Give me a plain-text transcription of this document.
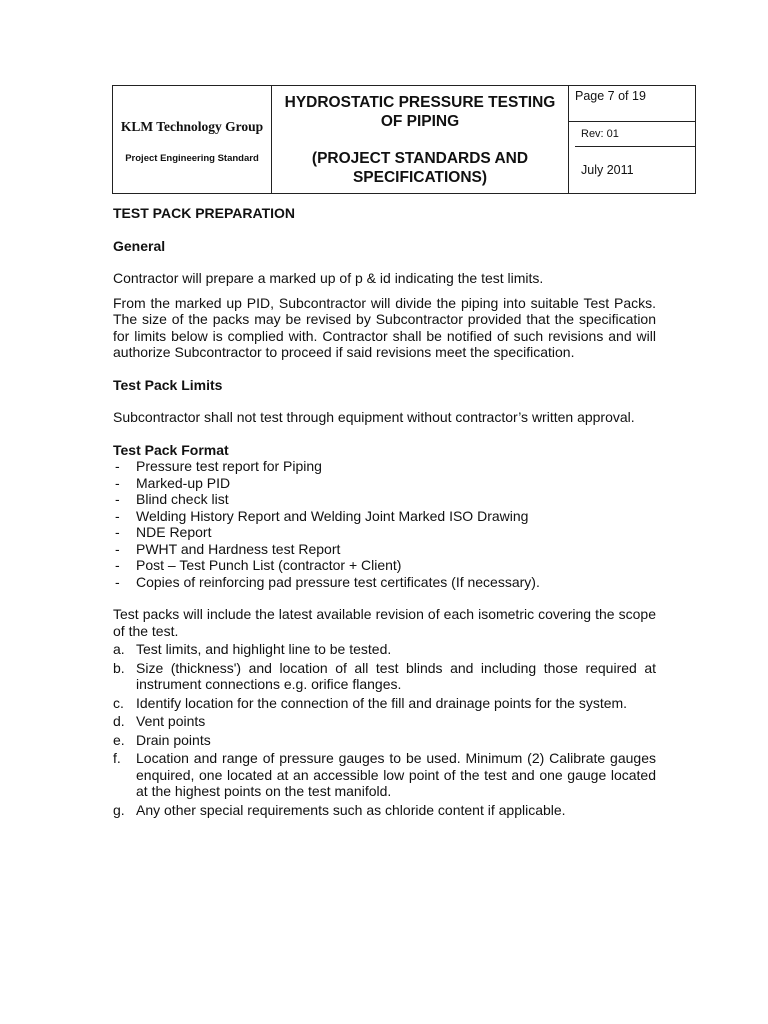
KLM Technology Group
Project Engineering Standard

HYDROSTATIC PRESSURE TESTING OF PIPING
(PROJECT STANDARDS AND SPECIFICATIONS)
	Page 7 of 19

Rev: 01
July 2011
TEST PACK PREPARATION
General

Contractor will prepare a marked up of p & id indicating the test limits.

From the marked up PID, Subcontractor will divide the piping into suitable Test Packs. The size of the packs may be revised by Subcontractor provided that the specification for limits below is complied with. Contractor shall be notified of such revisions and will authorize Subcontractor to proceed if said revisions meet the specification.

Test Pack Limits

Subcontractor shall not test through equipment without contractor’s written approval.

Test Pack Format
- Pressure test report for Piping
- Marked-up PID
- Blind check list
- Welding History Report and Welding Joint Marked ISO Drawing
- NDE Report
- PWHT and Hardness test Report
- Post – Test Punch List (contractor + Client)
- Copies of reinforcing pad pressure test certificates (If necessary).

Test packs will include the latest available revision of each isometric covering the scope of the test.

a. Test limits, and highlight line to be tested.
b. Size (thickness') and location of all test blinds and including those required at instrument connections e.g. orifice flanges.
c. Identify location for the connection of the fill and drainage points for the system.
d. Vent points
e. Drain points
f. Location and range of pressure gauges to be used. Minimum (2) Calibrate gauges enquired, one located at an accessible low point of the test and one gauge located at the highest points on the test manifold.
g. Any other special requirements such as chloride content if applicable.
